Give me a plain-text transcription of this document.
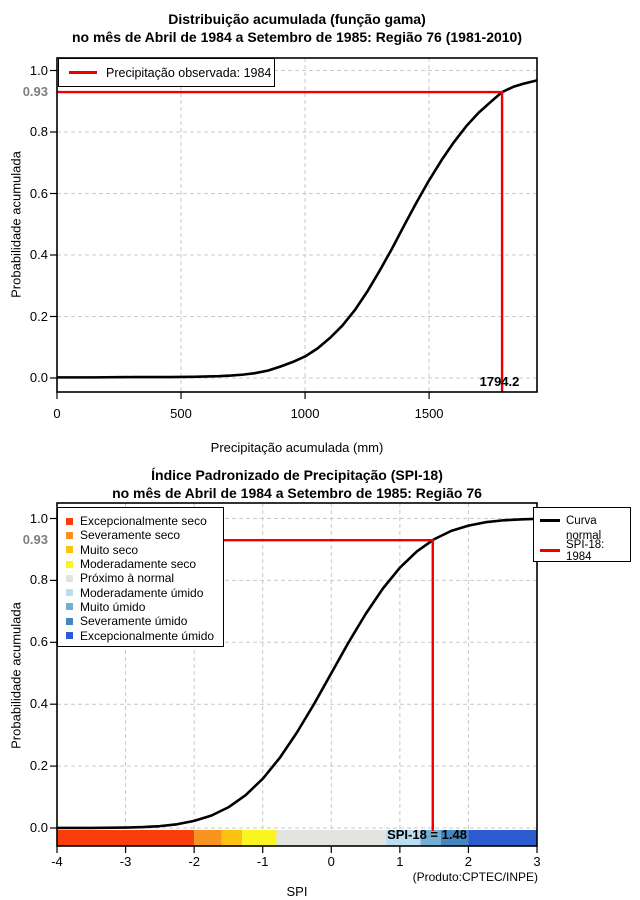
Distribuição acumulada (função gama)
no mês de Abril de 1984 a Setembro de 1985: Região 76 (1981-2010)
Probabilidade acumulada
Precipitação acumulada (mm)
0.93
1794.2
Precipitação observada: 1984
Índice Padronizado de Precipitação (SPI-18)
no mês de Abril de 1984 a Setembro de 1985: Região 76
Probabilidade acumulada
SPI
0.93
SPI-18 = 1.48
(Produto:CPTEC/INPE)
Excepcionalmente seco
Severamente seco
Muito seco
Moderadamente seco
Próximo à normal
Moderadamente úmido
Muito úmido
Severamente úmido
Excepcionalmente úmido
Curva
normal
SPI-18: 1984
0.0
0.2
0.4
0.6
0.8
1.0
0	500	1000	1500
0.0
0.2
0.4
0.6
0.8
1.0
-4	-3	-2	-1	0	1	2	3
